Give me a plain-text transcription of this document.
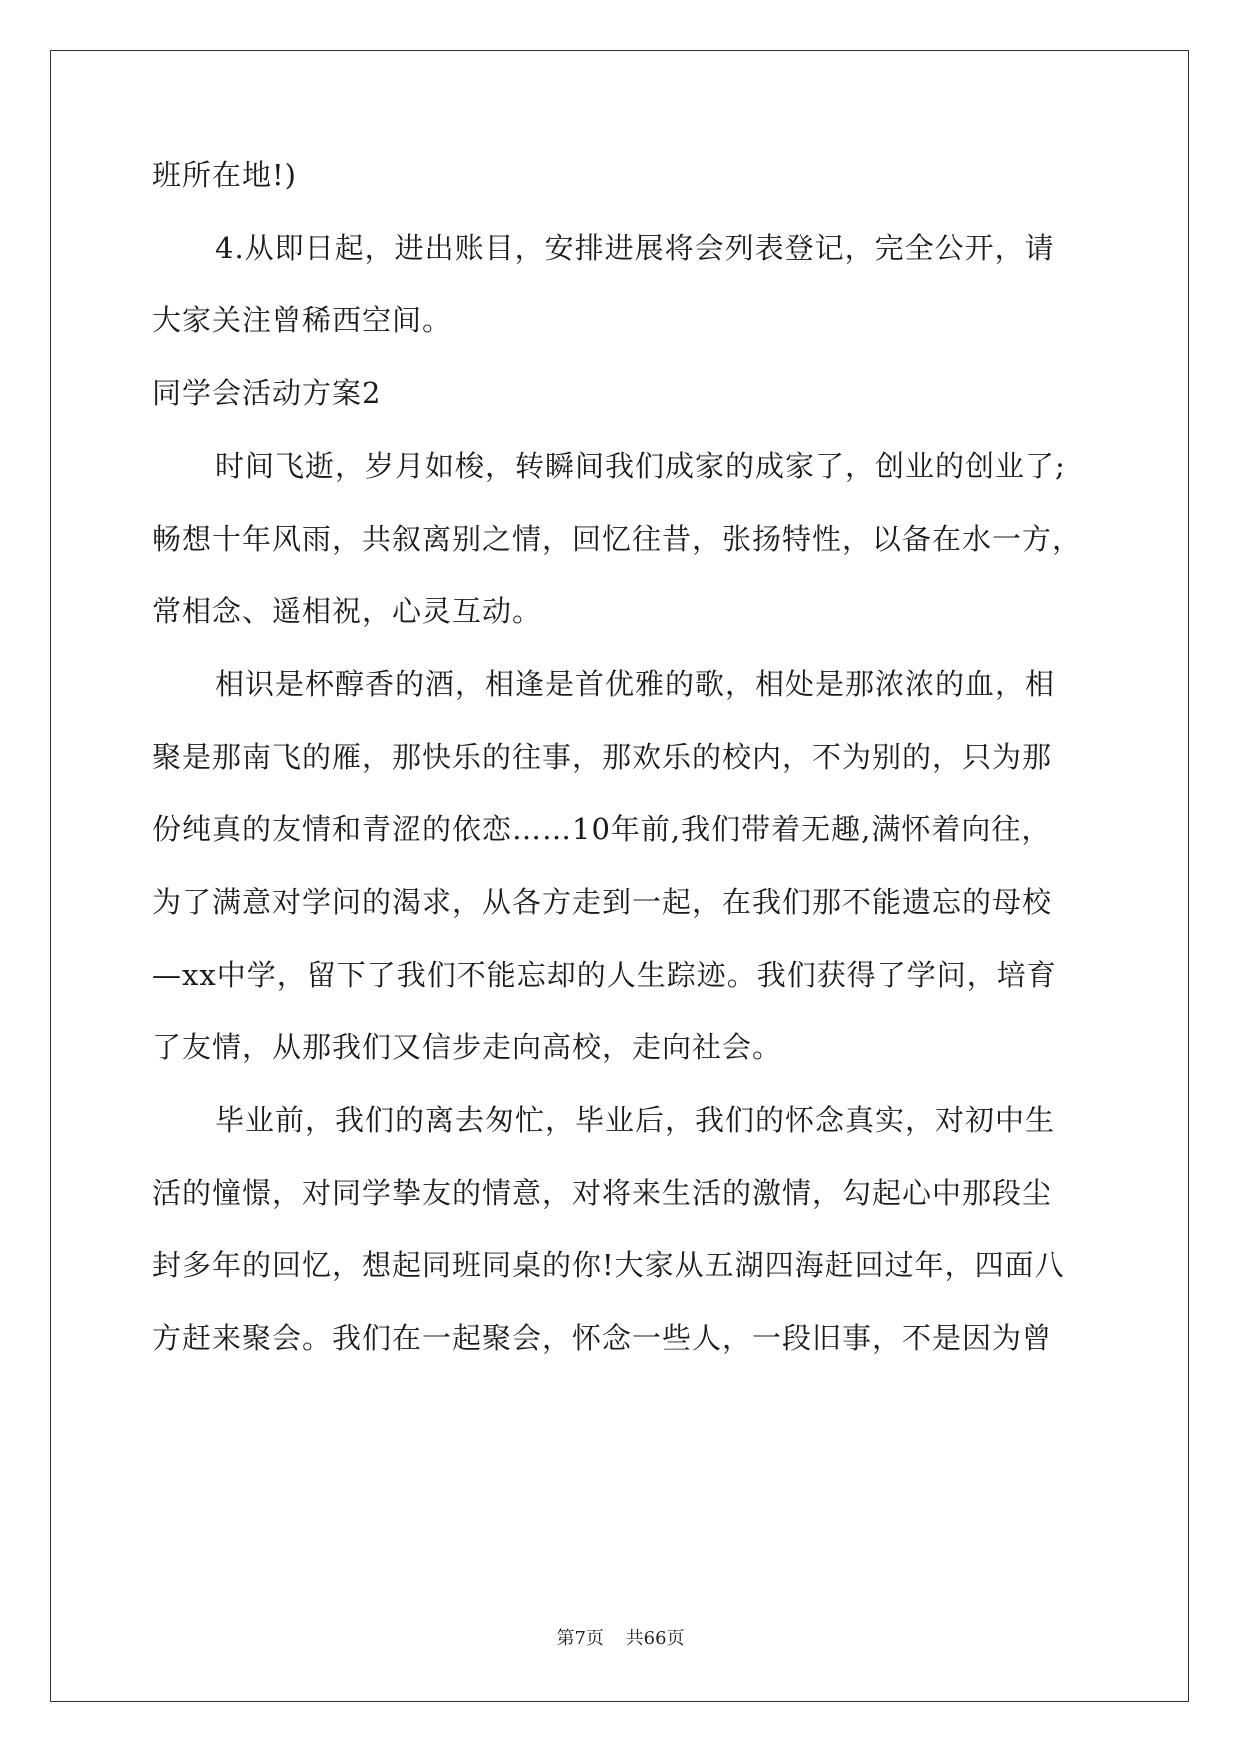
班所在地!)

4.从即日起，进出账目，安排进展将会列表登记，完全公开，请

大家关注曾稀西空间。

同学会活动方案2

时间飞逝，岁月如梭，转瞬间我们成家的成家了，创业的创业了;

畅想十年风雨，共叙离别之情，回忆往昔，张扬特性，以备在水一方，

常相念、遥相祝，心灵互动。

相识是杯醇香的酒，相逢是首优雅的歌，相处是那浓浓的血，相

聚是那南飞的雁，那快乐的往事，那欢乐的校内，不为别的，只为那

份纯真的友情和青涩的依恋……10年前,我们带着无趣,满怀着向往，

为了满意对学问的渴求，从各方走到一起，在我们那不能遗忘的母校

—xx中学，留下了我们不能忘却的人生踪迹。我们获得了学问，培育

了友情，从那我们又信步走向高校，走向社会。

毕业前，我们的离去匆忙，毕业后，我们的怀念真实，对初中生

活的憧憬，对同学挚友的情意，对将来生活的激情，勾起心中那段尘

封多年的回忆，想起同班同桌的你!大家从五湖四海赶回过年，四面八

方赶来聚会。我们在一起聚会，怀念一些人，一段旧事，不是因为曾

第7页 共66页
